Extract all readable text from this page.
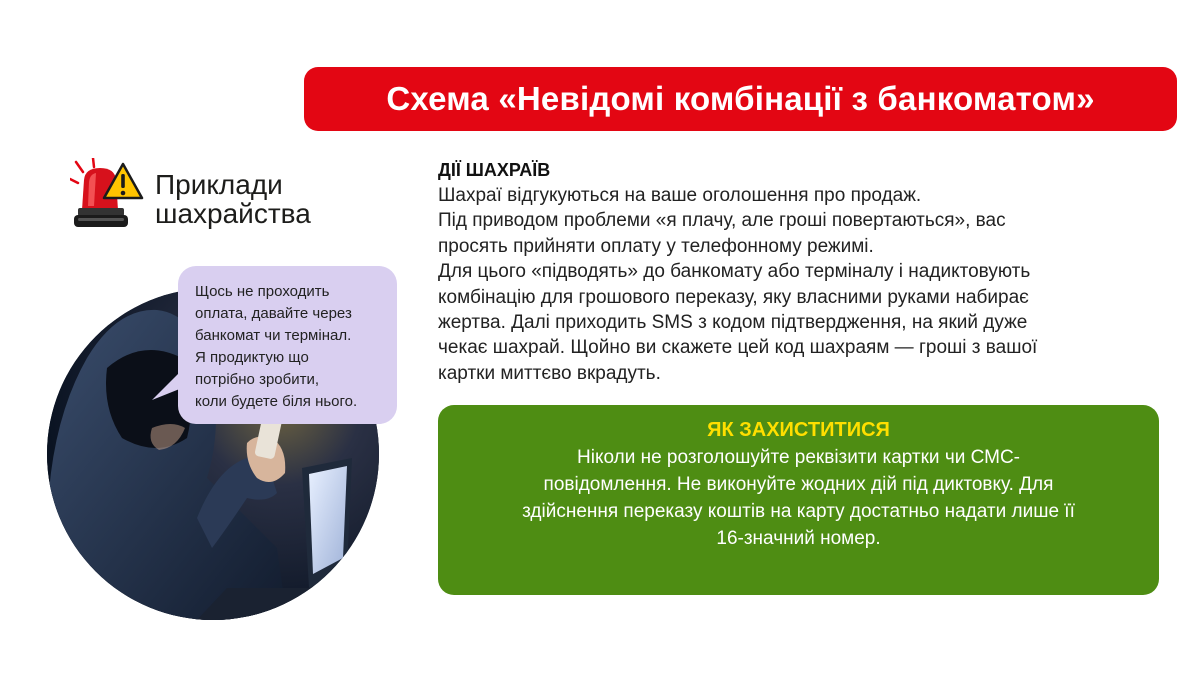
Схема «Невідомі комбінації з банкоматом»
Приклади
шахрайства
Щось не проходить
оплата, давайте через
банкомат чи термінал.
Я продиктую що
потрібно зробити,
коли будете біля нього.
ДІЇ ШАХРАЇВ
Шахраї відгукуються на ваше оголошення про продаж.
Під приводом проблеми «я плачу, але гроші повертаються», вас
просять прийняти оплату у телефонному режимі.
Для цього «підводять» до банкомату або терміналу і надиктовують
комбінацію для грошового переказу, яку власними руками набирає
жертва. Далі приходить SMS з кодом підтвердження, на який дуже
чекає шахрай. Щойно ви скажете цей код шахраям — гроші з вашої
картки миттєво вкрадуть.
ЯК ЗАХИСТИТИСЯ
Ніколи не розголошуйте реквізити картки чи СМС-
повідомлення. Не виконуйте жодних дій під диктовку. Для
здійснення переказу коштів на карту достатньо надати лише її
16-значний номер.
